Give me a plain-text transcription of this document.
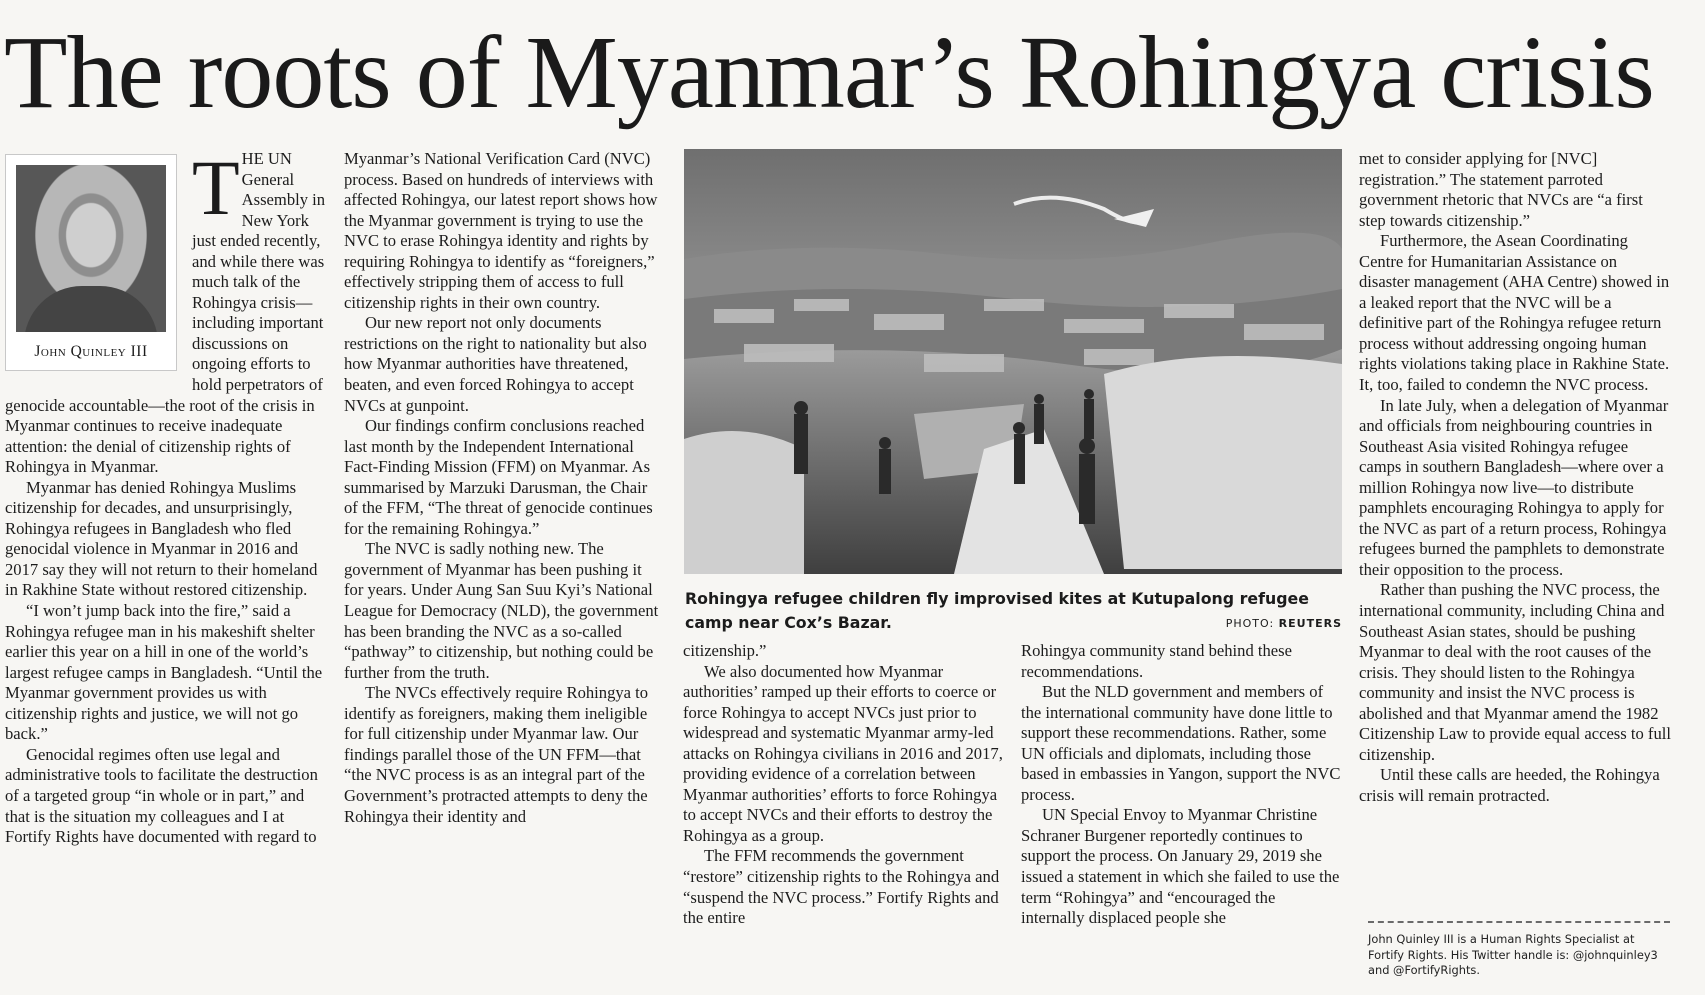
The roots of Myanmar’s Rohingya crisis
John Quinley III

THE UN General Assembly in New York just ended recently, and while there was much talk of the Rohingya crisis—including important discussions on ongoing efforts to hold perpetrators of genocide accountable—the root of the crisis in Myanmar continues to receive inadequate attention: the denial of citizenship rights of Rohingya in Myanmar.

Myanmar has denied Rohingya Muslims citizenship for decades, and unsurprisingly, Rohingya refugees in Bangladesh who fled genocidal violence in Myanmar in 2016 and 2017 say they will not return to their homeland in Rakhine State without restored citizenship.

“I won’t jump back into the fire,” said a Rohingya refugee man in his makeshift shelter earlier this year on a hill in one of the world’s largest refugee camps in Bangladesh. “Until the Myanmar government provides us with citizenship rights and justice, we will not go back.”

Genocidal regimes often use legal and administrative tools to facilitate the destruction of a targeted group “in whole or in part,” and that is the situation my colleagues and I at Fortify Rights have documented with regard to

Myanmar’s National Verification Card (NVC) process. Based on hundreds of interviews with affected Rohingya, our latest report shows how the Myanmar government is trying to use the NVC to erase Rohingya identity and rights by requiring Rohingya to identify as “foreigners,” effectively stripping them of access to full citizenship rights in their own country.

Our new report not only documents restrictions on the right to nationality but also how Myanmar authorities have threatened, beaten, and even forced Rohingya to accept NVCs at gunpoint.

Our findings confirm conclusions reached last month by the Independent International Fact-Finding Mission (FFM) on Myanmar. As summarised by Marzuki Darusman, the Chair of the FFM, “The threat of genocide continues for the remaining Rohingya.”

The NVC is sadly nothing new. The government of Myanmar has been pushing it for years. Under Aung San Suu Kyi’s National League for Democracy (NLD), the government has been branding the NVC as a so-called “pathway” to citizenship, but nothing could be further from the truth.

The NVCs effectively require Rohingya to identify as foreigners, making them ineligible for full citizenship under Myanmar law. Our findings parallel those of the UN FFM—that “the NVC process is as an integral part of the Government’s protracted attempts to deny the Rohingya their identity and

Rohingya refugee children fly improvised kites at Kutupalong refugee camp near Cox’s Bazar.	PHOTO: REUTERS

citizenship.”

We also documented how Myanmar authorities’ ramped up their efforts to coerce or force Rohingya to accept NVCs just prior to widespread and systematic Myanmar army-led attacks on Rohingya civilians in 2016 and 2017, providing evidence of a correlation between Myanmar authorities’ efforts to force Rohingya to accept NVCs and their efforts to destroy the Rohingya as a group.

The FFM recommends the government “restore” citizenship rights to the Rohingya and “suspend the NVC process.” Fortify Rights and the entire

Rohingya community stand behind these recommendations.

But the NLD government and members of the international community have done little to support these recommendations. Rather, some UN officials and diplomats, including those based in embassies in Yangon, support the NVC process.

UN Special Envoy to Myanmar Christine Schraner Burgener reportedly continues to support the process. On January 29, 2019 she issued a statement in which she failed to use the term “Rohingya” and “encouraged the internally displaced people she

met to consider applying for [NVC] registration.” The statement parroted government rhetoric that NVCs are “a first step towards citizenship.”

Furthermore, the Asean Coordinating Centre for Humanitarian Assistance on disaster management (AHA Centre) showed in a leaked report that the NVC will be a definitive part of the Rohingya refugee return process without addressing ongoing human rights violations taking place in Rakhine State. It, too, failed to condemn the NVC process.

In late July, when a delegation of Myanmar and officials from neighbouring countries in Southeast Asia visited Rohingya refugee camps in southern Bangladesh—where over a million Rohingya now live—to distribute pamphlets encouraging Rohingya to apply for the NVC as part of a return process, Rohingya refugees burned the pamphlets to demonstrate their opposition to the process.

Rather than pushing the NVC process, the international community, including China and Southeast Asian states, should be pushing Myanmar to deal with the root causes of the crisis. They should listen to the Rohingya community and insist the NVC process is abolished and that Myanmar amend the 1982 Citizenship Law to provide equal access to full citizenship.

Until these calls are heeded, the Rohingya crisis will remain protracted.

John Quinley III is a Human Rights Specialist at Fortify Rights. His Twitter handle is: @johnquinley3 and @FortifyRights.
